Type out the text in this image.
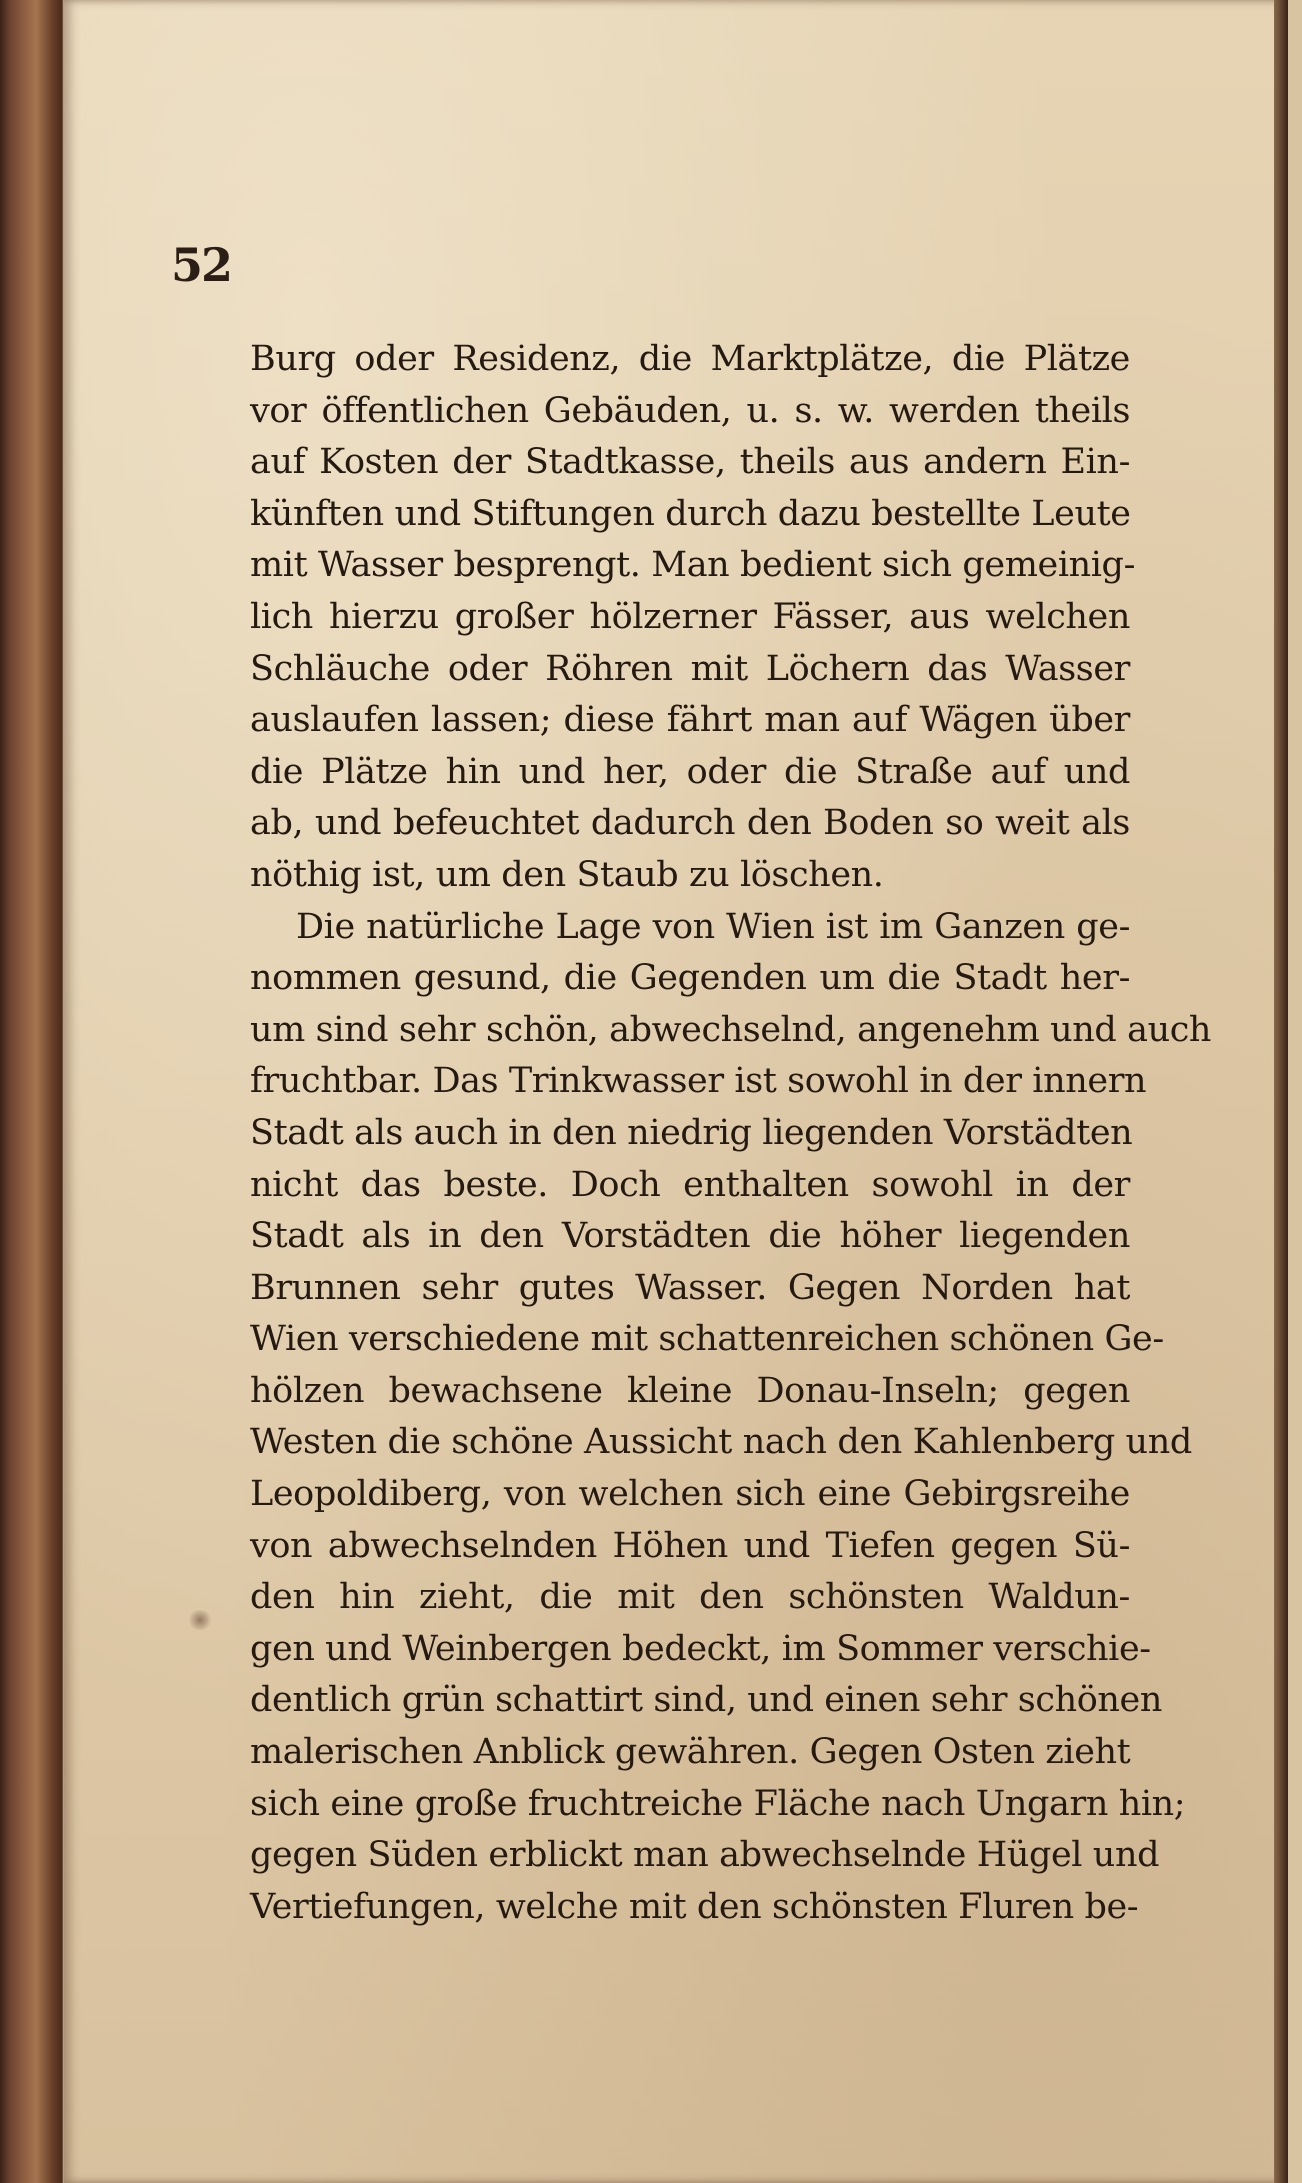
52
Burg oder Residenz, die Marktplätze, die Plätze
vor öffentlichen Gebäuden, u. s. w. werden theils
auf Kosten der Stadtkasse, theils aus andern Ein-
künften und Stiftungen durch dazu bestellte Leute
mit Wasser besprengt. Man bedient sich gemeinig-
lich hierzu großer hölzerner Fässer, aus welchen
Schläuche oder Röhren mit Löchern das Wasser
auslaufen lassen; diese fährt man auf Wägen über
die Plätze hin und her, oder die Straße auf und
ab, und befeuchtet dadurch den Boden so weit als
nöthig ist, um den Staub zu löschen.
Die natürliche Lage von Wien ist im Ganzen ge-
nommen gesund, die Gegenden um die Stadt her-
um sind sehr schön, abwechselnd, angenehm und auch
fruchtbar. Das Trinkwasser ist sowohl in der innern
Stadt als auch in den niedrig liegenden Vorstädten
nicht das beste. Doch enthalten sowohl in der
Stadt als in den Vorstädten die höher liegenden
Brunnen sehr gutes Wasser. Gegen Norden hat
Wien verschiedene mit schattenreichen schönen Ge-
hölzen bewachsene kleine Donau-Inseln; gegen
Westen die schöne Aussicht nach den Kahlenberg und
Leopoldiberg, von welchen sich eine Gebirgsreihe
von abwechselnden Höhen und Tiefen gegen Sü-
den hin zieht, die mit den schönsten Waldun-
gen und Weinbergen bedeckt, im Sommer verschie-
dentlich grün schattirt sind, und einen sehr schönen
malerischen Anblick gewähren. Gegen Osten zieht
sich eine große fruchtreiche Fläche nach Ungarn hin;
gegen Süden erblickt man abwechselnde Hügel und
Vertiefungen, welche mit den schönsten Fluren be-
